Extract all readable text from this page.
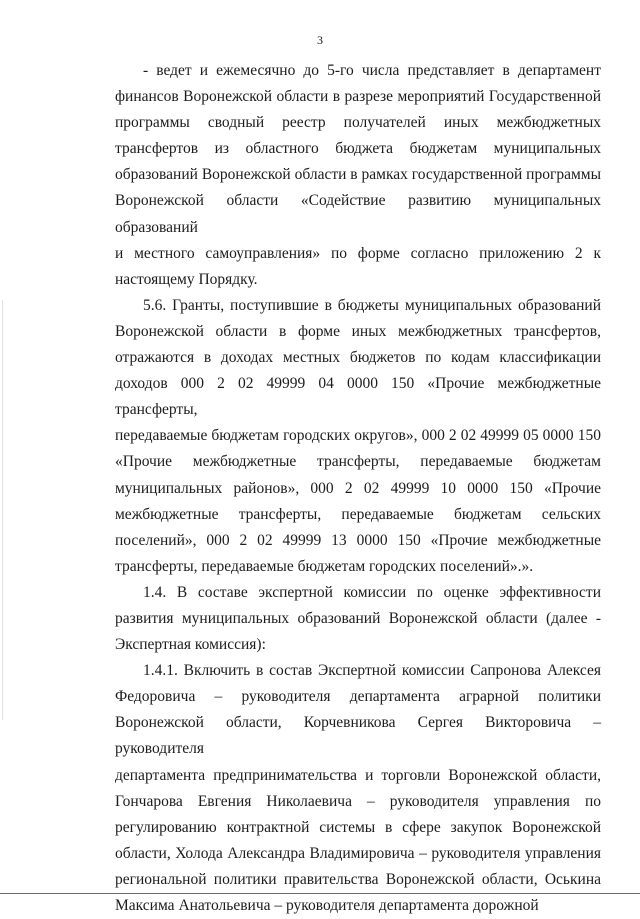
3
- ведет и ежемесячно до 5-го числа представляет в департамент
финансов Воронежской области в разрезе мероприятий Государственной
программы сводный реестр получателей иных межбюджетных
трансфертов из областного бюджета бюджетам муниципальных
образований Воронежской области в рамках государственной программы
Воронежской области «Содействие развитию муниципальных образований
и местного самоуправления» по форме согласно приложению 2 к
настоящему Порядку.
5.6. Гранты, поступившие в бюджеты муниципальных образований
Воронежской области в форме иных межбюджетных трансфертов,
отражаются в доходах местных бюджетов по кодам классификации
доходов 000 2 02 49999 04 0000 150 «Прочие межбюджетные трансферты,
передаваемые бюджетам городских округов», 000 2 02 49999 05 0000 150
«Прочие межбюджетные трансферты, передаваемые бюджетам
муниципальных районов», 000 2 02 49999 10 0000 150 «Прочие
межбюджетные трансферты, передаваемые бюджетам сельских
поселений», 000 2 02 49999 13 0000 150 «Прочие межбюджетные
трансферты, передаваемые бюджетам городских поселений».».
1.4. В составе экспертной комиссии по оценке эффективности
развития муниципальных образований Воронежской области (далее -
Экспертная комиссия):
1.4.1. Включить в состав Экспертной комиссии Сапронова Алексея
Федоровича – руководителя департамента аграрной политики
Воронежской области, Корчевникова Сергея Викторовича – руководителя
департамента предпринимательства и торговли Воронежской области,
Гончарова Евгения Николаевича – руководителя управления по
регулированию контрактной системы в сфере закупок Воронежской
области, Холода Александра Владимировича – руководителя управления
региональной политики правительства Воронежской области, Оськина
Максима Анатольевича – руководителя департамента дорожной
